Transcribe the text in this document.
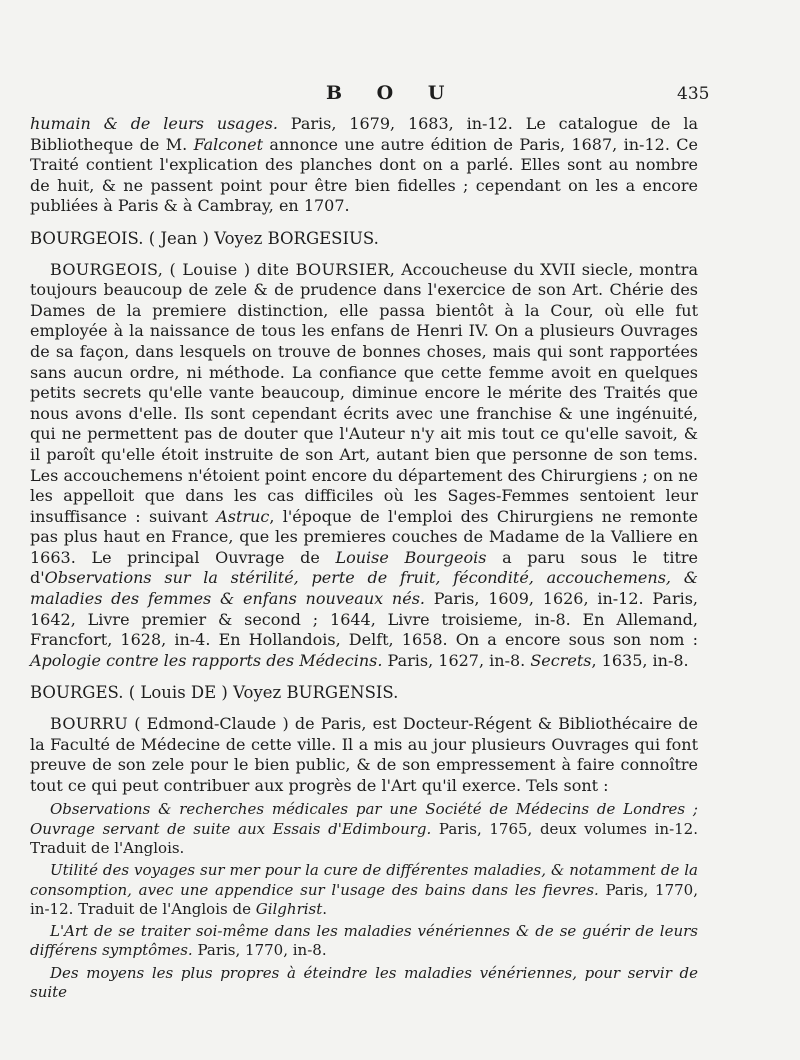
B O U	435

humain & de leurs usages. Paris, 1679, 1683, in-12. Le catalogue de la Bibliotheque de M. Falconet annonce une autre édition de Paris, 1687, in-12. Ce Traité contient l'explication des planches dont on a parlé. Elles sont au nombre de huit, & ne passent point pour être bien fidelles ; cependant on les a encore publiées à Paris & à Cambray, en 1707.

BOURGEOIS. ( Jean ) Voyez BORGESIUS.

BOURGEOIS, ( Louise ) dite BOURSIER, Accoucheuse du XVII siecle, montra toujours beaucoup de zele & de prudence dans l'exercice de son Art. Chérie des Dames de la premiere distinction, elle passa bientôt à la Cour, où elle fut employée à la naissance de tous les enfans de Henri IV. On a plusieurs Ouvrages de sa façon, dans lesquels on trouve de bonnes choses, mais qui sont rapportées sans aucun ordre, ni méthode. La confiance que cette femme avoit en quelques petits secrets qu'elle vante beaucoup, diminue encore le mérite des Traités que nous avons d'elle. Ils sont cependant écrits avec une franchise & une ingénuité, qui ne permettent pas de douter que l'Auteur n'y ait mis tout ce qu'elle savoit, & il paroît qu'elle étoit instruite de son Art, autant bien que personne de son tems. Les accouchemens n'étoient point encore du département des Chirurgiens ; on ne les appelloit que dans les cas difficiles où les Sages-Femmes sentoient leur insuffisance : suivant Astruc, l'époque de l'emploi des Chirurgiens ne remonte pas plus haut en France, que les premieres couches de Madame de la Valliere en 1663. Le principal Ouvrage de Louise Bourgeois a paru sous le titre d'Observations sur la stérilité, perte de fruit, fécondité, accouchemens, & maladies des femmes & enfans nouveaux nés. Paris, 1609, 1626, in-12. Paris, 1642, Livre premier & second ; 1644, Livre troisieme, in-8. En Allemand, Francfort, 1628, in-4. En Hollandois, Delft, 1658. On a encore sous son nom : Apologie contre les rapports des Médecins. Paris, 1627, in-8. Secrets, 1635, in-8.

BOURGES. ( Louis DE ) Voyez BURGENSIS.

BOURRU ( Edmond-Claude ) de Paris, est Docteur-Régent & Bibliothécaire de la Faculté de Médecine de cette ville. Il a mis au jour plusieurs Ouvrages qui font preuve de son zele pour le bien public, & de son empressement à faire connoître tout ce qui peut contribuer aux progrès de l'Art qu'il exerce. Tels sont :

Observations & recherches médicales par une Société de Médecins de Londres ; Ouvrage servant de suite aux Essais d'Edimbourg. Paris, 1765, deux volumes in-12. Traduit de l'Anglois.

Utilité des voyages sur mer pour la cure de différentes maladies, & notamment de la consomption, avec une appendice sur l'usage des bains dans les fievres. Paris, 1770, in-12. Traduit de l'Anglois de Gilghrist.

L'Art de se traiter soi-même dans les maladies vénériennes & de se guérir de leurs différens symptômes. Paris, 1770, in-8.

Des moyens les plus propres à éteindre les maladies vénériennes, pour servir de suite
